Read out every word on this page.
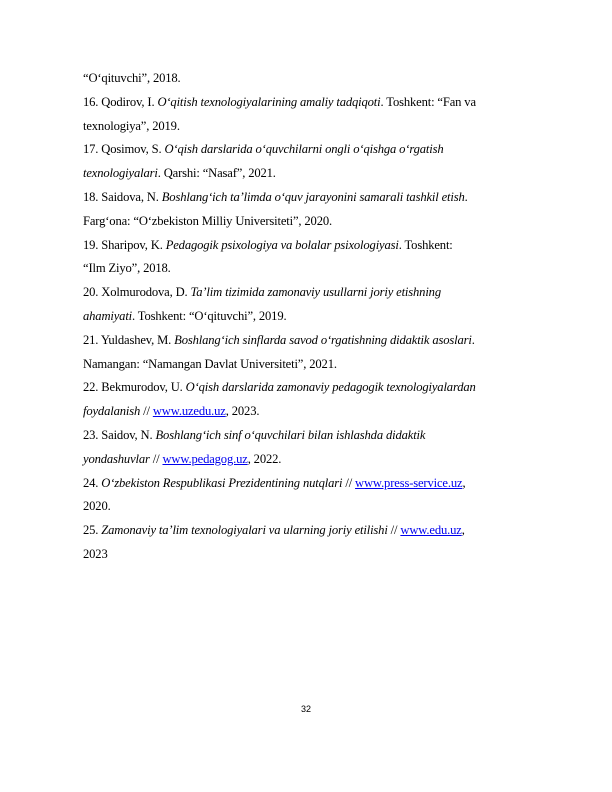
“O‘qituvchi”, 2018.
16. Qodirov, I. O‘qitish texnologiyalarining amaliy tadqiqoti. Toshkent: “Fan va
texnologiya”, 2019.
17. Qosimov, S. O‘qish darslarida o‘quvchilarni ongli o‘qishga o‘rgatish
texnologiyalari. Qarshi: “Nasaf”, 2021.
18. Saidova, N. Boshlang‘ich ta’limda o‘quv jarayonini samarali tashkil etish.
Farg‘ona: “O‘zbekiston Milliy Universiteti”, 2020.
19. Sharipov, K. Pedagogik psixologiya va bolalar psixologiyasi. Toshkent:
“Ilm Ziyo”, 2018.
20. Xolmurodova, D. Ta’lim tizimida zamonaviy usullarni joriy etishning
ahamiyati. Toshkent: “O‘qituvchi”, 2019.
21. Yuldashev, M. Boshlang‘ich sinflarda savod o‘rgatishning didaktik asoslari.
Namangan: “Namangan Davlat Universiteti”, 2021.
22. Bekmurodov, U. O‘qish darslarida zamonaviy pedagogik texnologiyalardan
foydalanish // www.uzedu.uz, 2023.
23. Saidov, N. Boshlang‘ich sinf o‘quvchilari bilan ishlashda didaktik
yondashuvlar // www.pedagog.uz, 2022.
24. O‘zbekiston Respublikasi Prezidentining nutqlari // www.press-service.uz,
2020.
25. Zamonaviy ta’lim texnologiyalari va ularning joriy etilishi // www.edu.uz,
2023
32
